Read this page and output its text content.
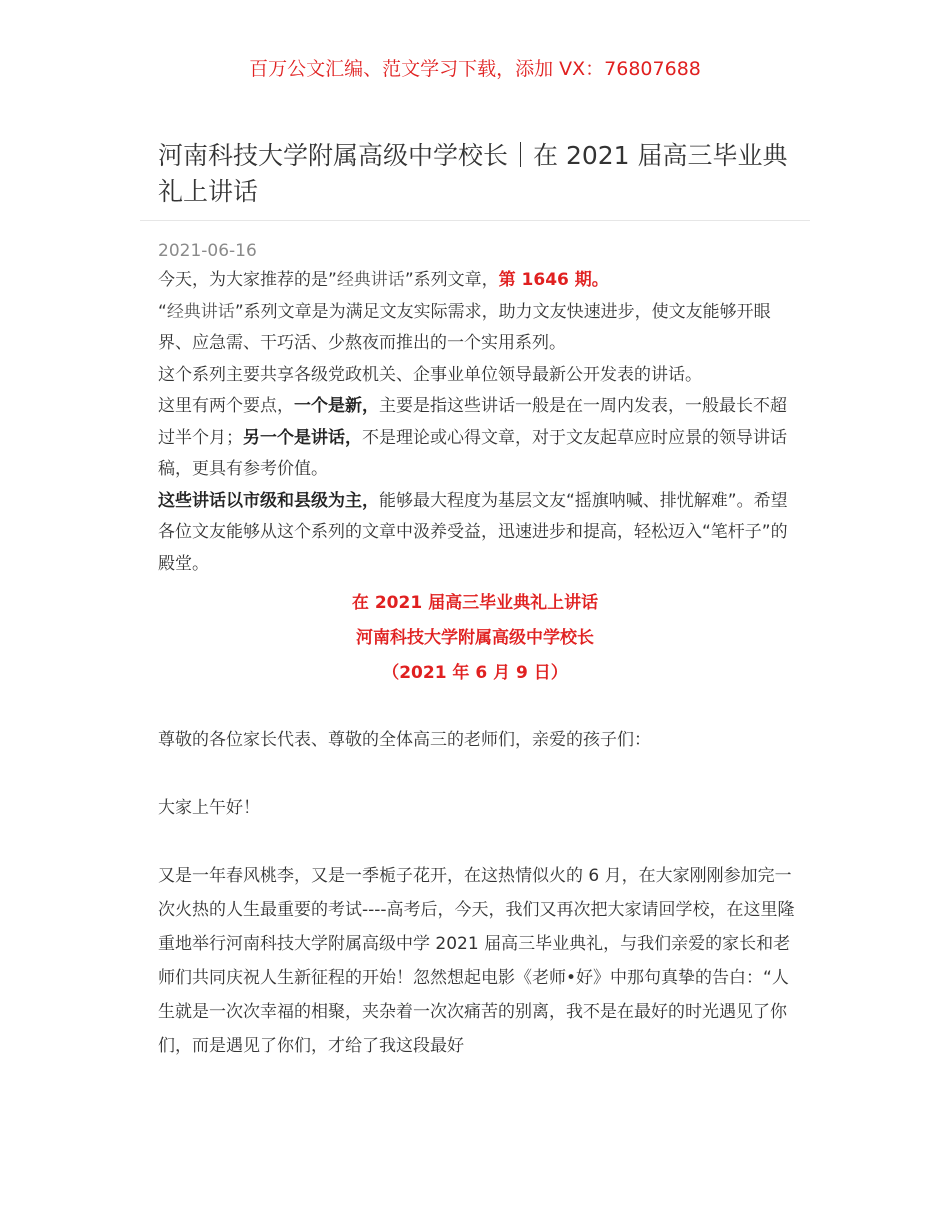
百万公文汇编、范文学习下载，添加 VX：76807688
河南科技大学附属高级中学校长｜在 2021 届高三毕业典礼上讲话
2021-06-16

今天，为大家推荐的是”经典讲话”系列文章，第 1646 期。

“经典讲话”系列文章是为满足文友实际需求，助力文友快速进步，使文友能够开眼界、应急需、干巧活、少熬夜而推出的一个实用系列。

这个系列主要共享各级党政机关、企事业单位领导最新公开发表的讲话。

这里有两个要点，一个是新，主要是指这些讲话一般是在一周内发表，一般最长不超过半个月；另一个是讲话，不是理论或心得文章，对于文友起草应时应景的领导讲话稿，更具有参考价值。

这些讲话以市级和县级为主，能够最大程度为基层文友“摇旗呐喊、排忧解难”。希望各位文友能够从这个系列的文章中汲养受益，迅速进步和提高，轻松迈入“笔杆子”的殿堂。

在 2021 届高三毕业典礼上讲话
河南科技大学附属高级中学校长
（2021 年 6 月 9 日）

尊敬的各位家长代表、尊敬的全体高三的老师们，亲爱的孩子们：

大家上午好！

又是一年春风桃李，又是一季栀子花开，在这热情似火的 6 月，在大家刚刚参加完一次火热的人生最重要的考试----高考后，今天，我们又再次把大家请回学校，在这里隆重地举行河南科技大学附属高级中学 2021 届高三毕业典礼，与我们亲爱的家长和老师们共同庆祝人生新征程的开始！忽然想起电影《老师•好》中那句真挚的告白：“人生就是一次次幸福的相聚，夹杂着一次次痛苦的别离，我不是在最好的时光遇见了你们，而是遇见了你们，才给了我这段最好
